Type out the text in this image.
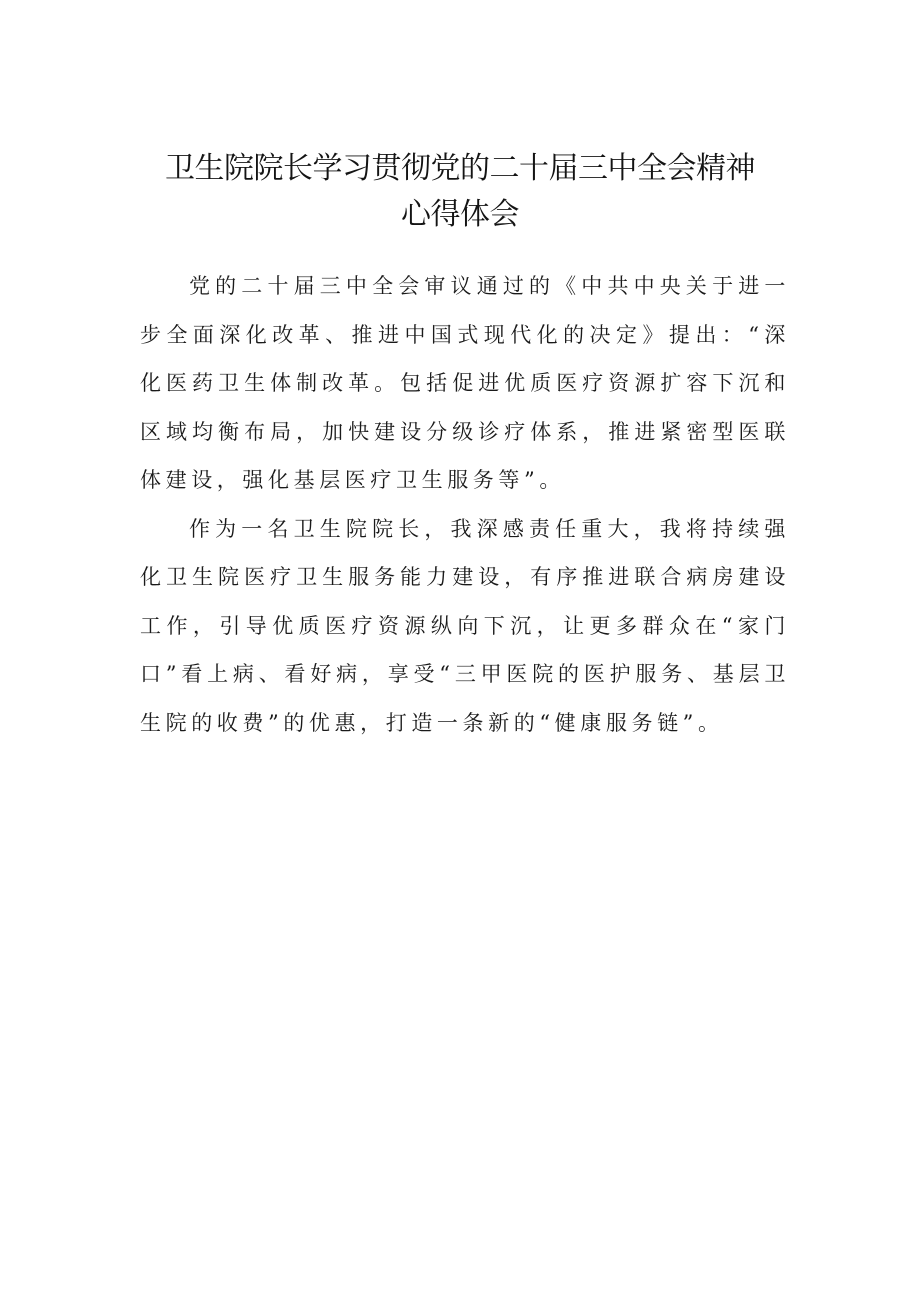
卫生院院长学习贯彻党的二十届三中全会精神
心得体会

党的二十届三中全会审议通过的《中共中央关于进一步全面深化改革、推进中国式现代化的决定》提出：“深化医药卫生体制改革。包括促进优质医疗资源扩容下沉和区域均衡布局，加快建设分级诊疗体系，推进紧密型医联体建设，强化基层医疗卫生服务等”。

作为一名卫生院院长，我深感责任重大，我将持续强化卫生院医疗卫生服务能力建设，有序推进联合病房建设工作，引导优质医疗资源纵向下沉，让更多群众在“家门口”看上病、看好病，享受“三甲医院的医护服务、基层卫生院的收费”的优惠，打造一条新的“健康服务链”。
